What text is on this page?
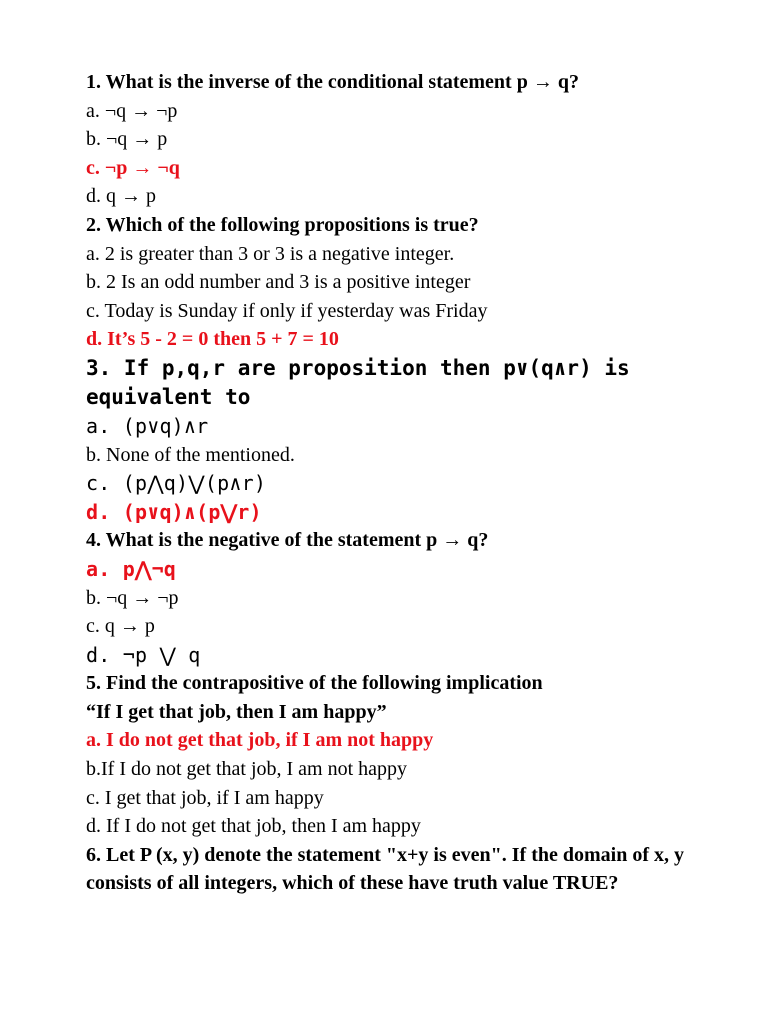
1. What is the inverse of the conditional statement p → q?
a. ¬q → ¬p
b. ¬q → p
c. ¬p → ¬q
d. q → p
2. Which of the following propositions is true?
a. 2 is greater than 3 or 3 is a negative integer.
b. 2 Is an odd number and 3 is a positive integer
c. Today is Sunday if only if yesterday was Friday
d. It’s 5 - 2 = 0 then 5 + 7 = 10
3. If p,q,r are proposition then p∨(q∧r) is equivalent to
a. (p∨q)∧r
b. None of the mentioned.
c. (p⋀q)⋁(p∧r)
d. (p∨q)∧(p⋁r)
4. What is the negative of the statement p → q?
a. p⋀¬q
b. ¬q → ¬p
c. q → p
d. ¬p ⋁ q
5. Find the contrapositive of the following implication
“If I get that job, then I am happy”
a. I do not get that job, if I am not happy
b.If I do not get that job, I am not happy
c. I get that job, if I am happy
d. If I do not get that job, then I am happy
6. Let P (x, y) denote the statement "x+y is even". If the domain of x, y consists of all integers, which of these have truth value TRUE?
